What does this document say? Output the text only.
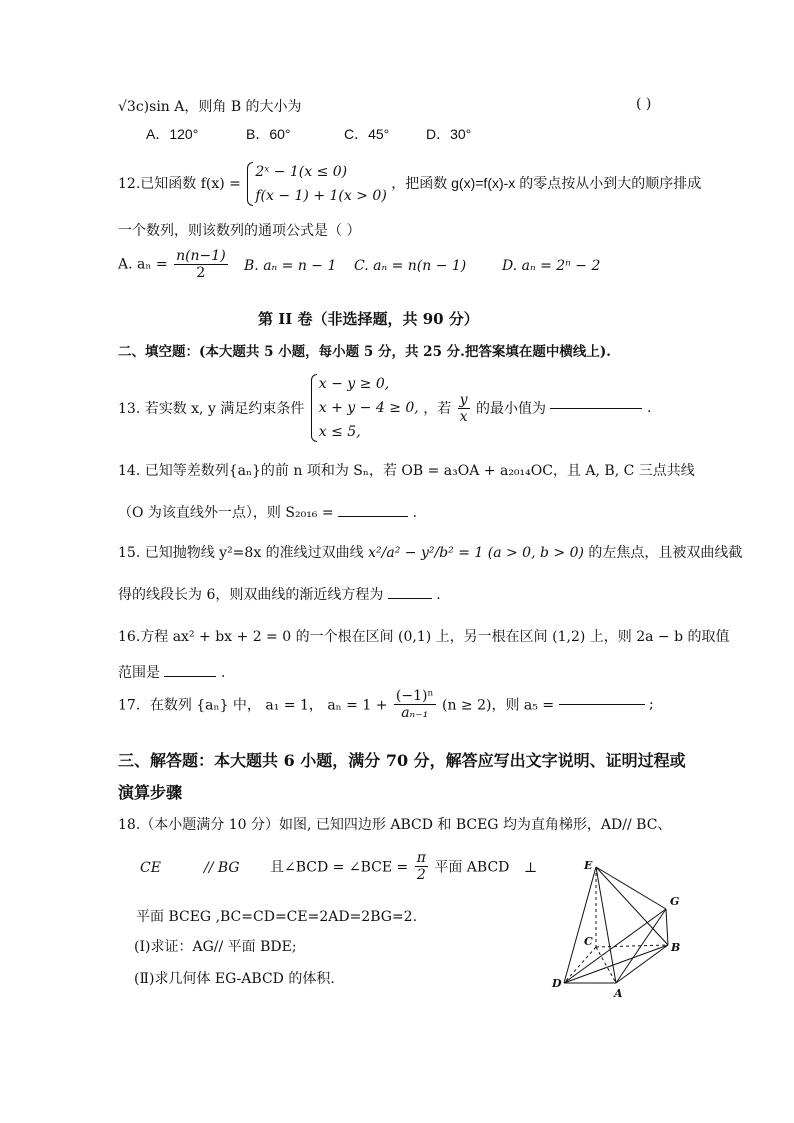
√3c)sin A，则角 B 的大小为	( )
A．120°	B．60°	C．45°	D．30°
12.已知函数 f(x) =
2ˣ − 1(x ≤ 0)
f(x − 1) + 1(x > 0)
，把函数 g(x)=f(x)-x 的零点按从小到大的顺序排成
一个数列，则该数列的通项公式是（ ）
A. $a_n = \frac{n(n-1)}{2} B$. aₙ = n − 1 C. aₙ = n(n − 1)	D. aₙ = 2ⁿ − 2
第 II 卷（非选择题，共 90 分）
二、填空题：(本大题共 5 小题，每小题 5 分，共 25 分.把答案填在题中横线上).
13. 若实数 x, y 满足约束条件
x − y ≥ 0,
x + y − 4 ≥ 0,
x ≤ 5,
，若 $\frac{y}{x}$ 的最小值为	.
14. 已知等差数列{aₙ}的前 n 项和为 Sₙ，若 OB = a₃OA + a₂₀₁₄OC，且 A, B, C 三点共线
（O 为该直线外一点），则 S₂₀₁₆ =	.
15. 已知抛物线 y²=8x 的准线过双曲线 x²/a² − y²/b² = 1 (a > 0, b > 0) 的左焦点，且被双曲线截
得的线段长为 6，则双曲线的渐近线方程为	.
16.方程 ax² + bx + 2 = 0 的一个根在区间 (0,1) 上，另一根在区间 (1,2) 上，则 2a − b 的取值
范围是	.
17．在数列 {aₙ} 中， a₁ = 1， $a_n = 1 + \frac{\text{(−1)ⁿ}}{\text{aₙ₋₁}} (n \ge 2)$，则 a₅ =	;
三、解答题：本大题共 6 小题，满分 70 分，解答应写出文字说明、证明过程或
演算步骤
18.（本小题满分 10 分）如图, 已知四边形 ABCD 和 BCEG 均为直角梯形，AD// BC、
CE	// BG 且∠BCD = ∠BCE = $\frac{\pi}{2}$ 平面 ABCD ⊥
平面 BCEG ,BC=CD=CE=2AD=2BG=2.
(Ⅰ)求证：AG// 平面 BDE;
(Ⅱ)求几何体 EG-ABCD 的体积.
E
G
C	B
D
A
